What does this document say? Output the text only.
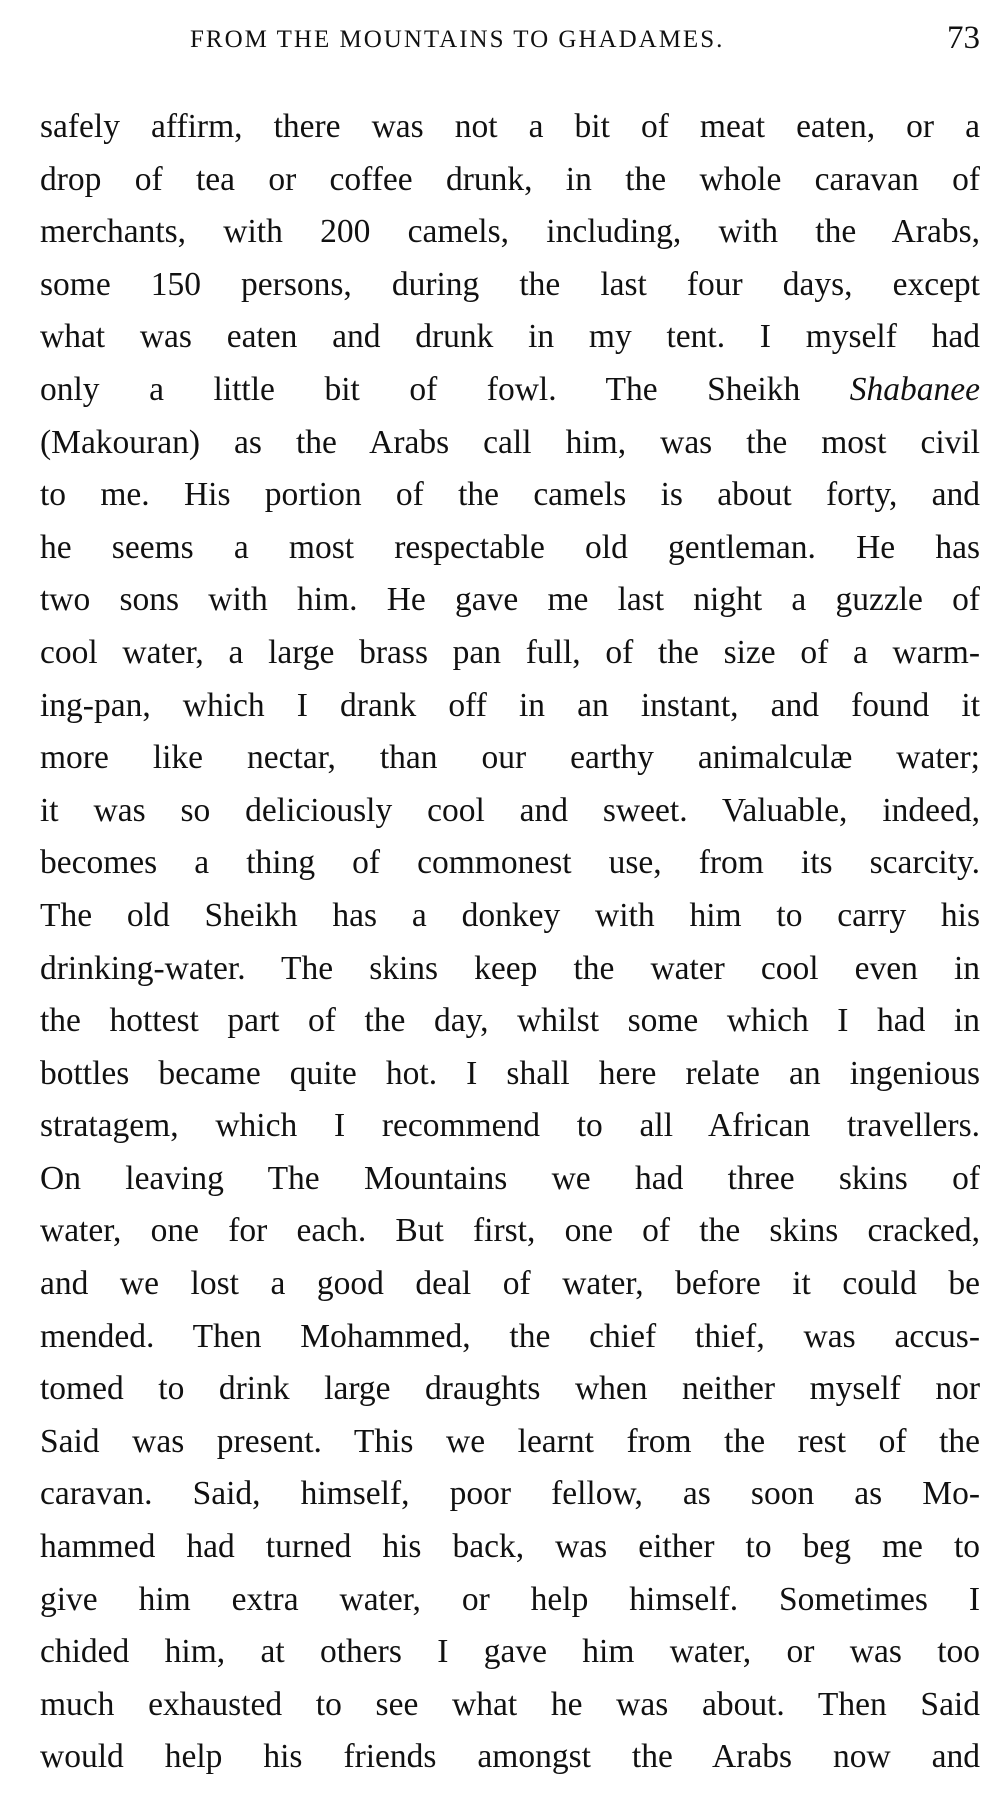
FROM THE MOUNTAINS TO GHADAMES.	73
safely affirm, there was not a bit of meat eaten, or a
drop of tea or coffee drunk, in the whole caravan of
merchants, with 200 camels, including, with the Arabs,
some 150 persons, during the last four days, except
what was eaten and drunk in my tent. I myself had
only a little bit of fowl. The Sheikh Shabanee
(Makouran) as the Arabs call him, was the most civil
to me. His portion of the camels is about forty, and
he seems a most respectable old gentleman. He has
two sons with him. He gave me last night a guzzle of
cool water, a large brass pan full, of the size of a warm-
ing-pan, which I drank off in an instant, and found it
more like nectar, than our earthy animalculæ water;
it was so deliciously cool and sweet. Valuable, indeed,
becomes a thing of commonest use, from its scarcity.
The old Sheikh has a donkey with him to carry his
drinking-water. The skins keep the water cool even in
the hottest part of the day, whilst some which I had in
bottles became quite hot. I shall here relate an ingenious
stratagem, which I recommend to all African travellers.
On leaving The Mountains we had three skins of
water, one for each. But first, one of the skins cracked,
and we lost a good deal of water, before it could be
mended. Then Mohammed, the chief thief, was accus-
tomed to drink large draughts when neither myself nor
Said was present. This we learnt from the rest of the
caravan. Said, himself, poor fellow, as soon as Mo-
hammed had turned his back, was either to beg me to
give him extra water, or help himself. Sometimes I
chided him, at others I gave him water, or was too
much exhausted to see what he was about. Then Said
would help his friends amongst the Arabs now and
